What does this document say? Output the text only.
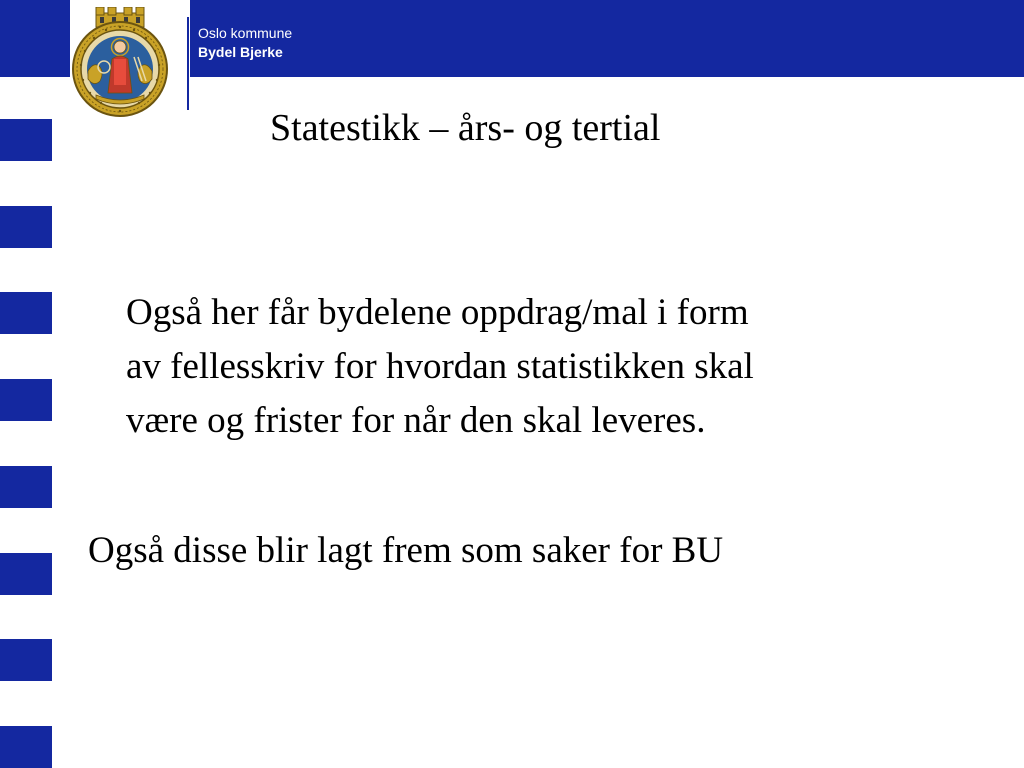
Oslo kommune
Bydel Bjerke
Statestikk – års- og tertial
Også her får bydelene oppdrag/mal i form
av fellesskriv for hvordan statistikken skal
være og frister for når den skal leveres.
Også disse blir lagt frem som saker for BU
